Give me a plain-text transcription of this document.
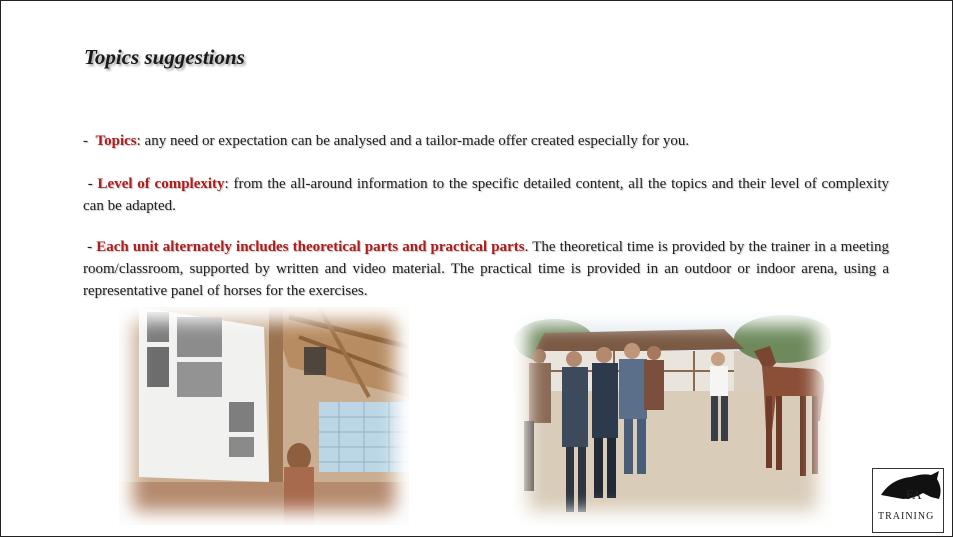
Topics suggestions
-  Topics: any need or expectation can be analysed and a tailor-made offer created especially for you.
- Level of complexity: from the all-around information to the specific detailed content, all the topics and their level of complexity can be adapted.
- Each unit alternately includes theoretical parts and practical parts. The theoretical time is provided by the trainer in a meeting room/classroom, supported by written and video material. The practical time is provided in an outdoor or indoor arena, using a representative panel of horses for the exercises.
FA
TRAINING
